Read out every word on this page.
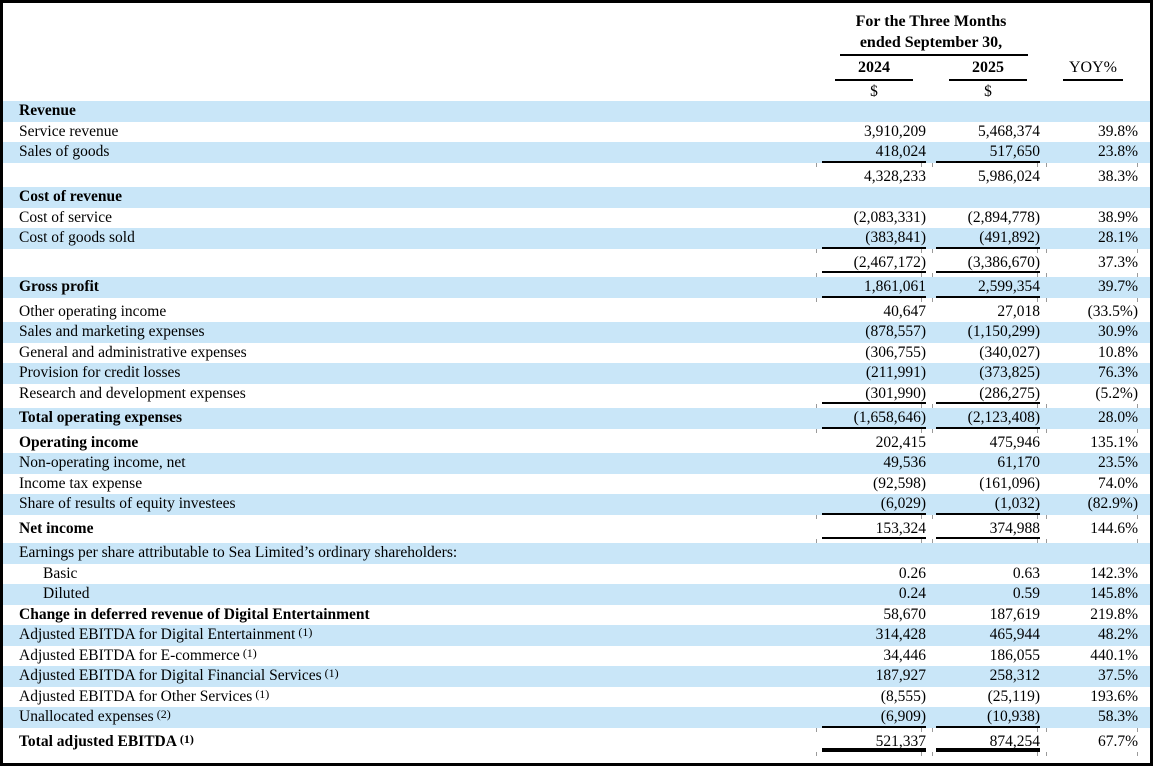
For the Three Months
ended September 30,
2024	2025	YOY%
$	$
Revenue
Service revenue	3,910,209	5,468,374	39.8%
Sales of goods	418,024	517,650	23.8%
4,328,233	5,986,024	38.3%
Cost of revenue
Cost of service	(2,083,331)	(2,894,778)	38.9%
Cost of goods sold	(383,841)	(491,892)	28.1%
(2,467,172)	(3,386,670)	37.3%
Gross profit	1,861,061	2,599,354	39.7%
Other operating income	40,647	27,018	(33.5%)
Sales and marketing expenses	(878,557)	(1,150,299)	30.9%
General and administrative expenses	(306,755)	(340,027)	10.8%
Provision for credit losses	(211,991)	(373,825)	76.3%
Research and development expenses	(301,990)	(286,275)	(5.2%)
Total operating expenses	(1,658,646)	(2,123,408)	28.0%
Operating income	202,415	475,946	135.1%
Non-operating income, net	49,536	61,170	23.5%
Income tax expense	(92,598)	(161,096)	74.0%
Share of results of equity investees	(6,029)	(1,032)	(82.9%)
Net income	153,324	374,988	144.6%
Earnings per share attributable to Sea Limited’s ordinary shareholders:
Basic	0.26	0.63	142.3%
Diluted	0.24	0.59	145.8%
Change in deferred revenue of Digital Entertainment	58,670	187,619	219.8%
Adjusted EBITDA for Digital Entertainment (1)	314,428	465,944	48.2%
Adjusted EBITDA for E-commerce (1)	34,446	186,055	440.1%
Adjusted EBITDA for Digital Financial Services (1)	187,927	258,312	37.5%
Adjusted EBITDA for Other Services (1)	(8,555)	(25,119)	193.6%
Unallocated expenses (2)	(6,909)	(10,938)	58.3%
Total adjusted EBITDA (1)	521,337	874,254	67.7%
